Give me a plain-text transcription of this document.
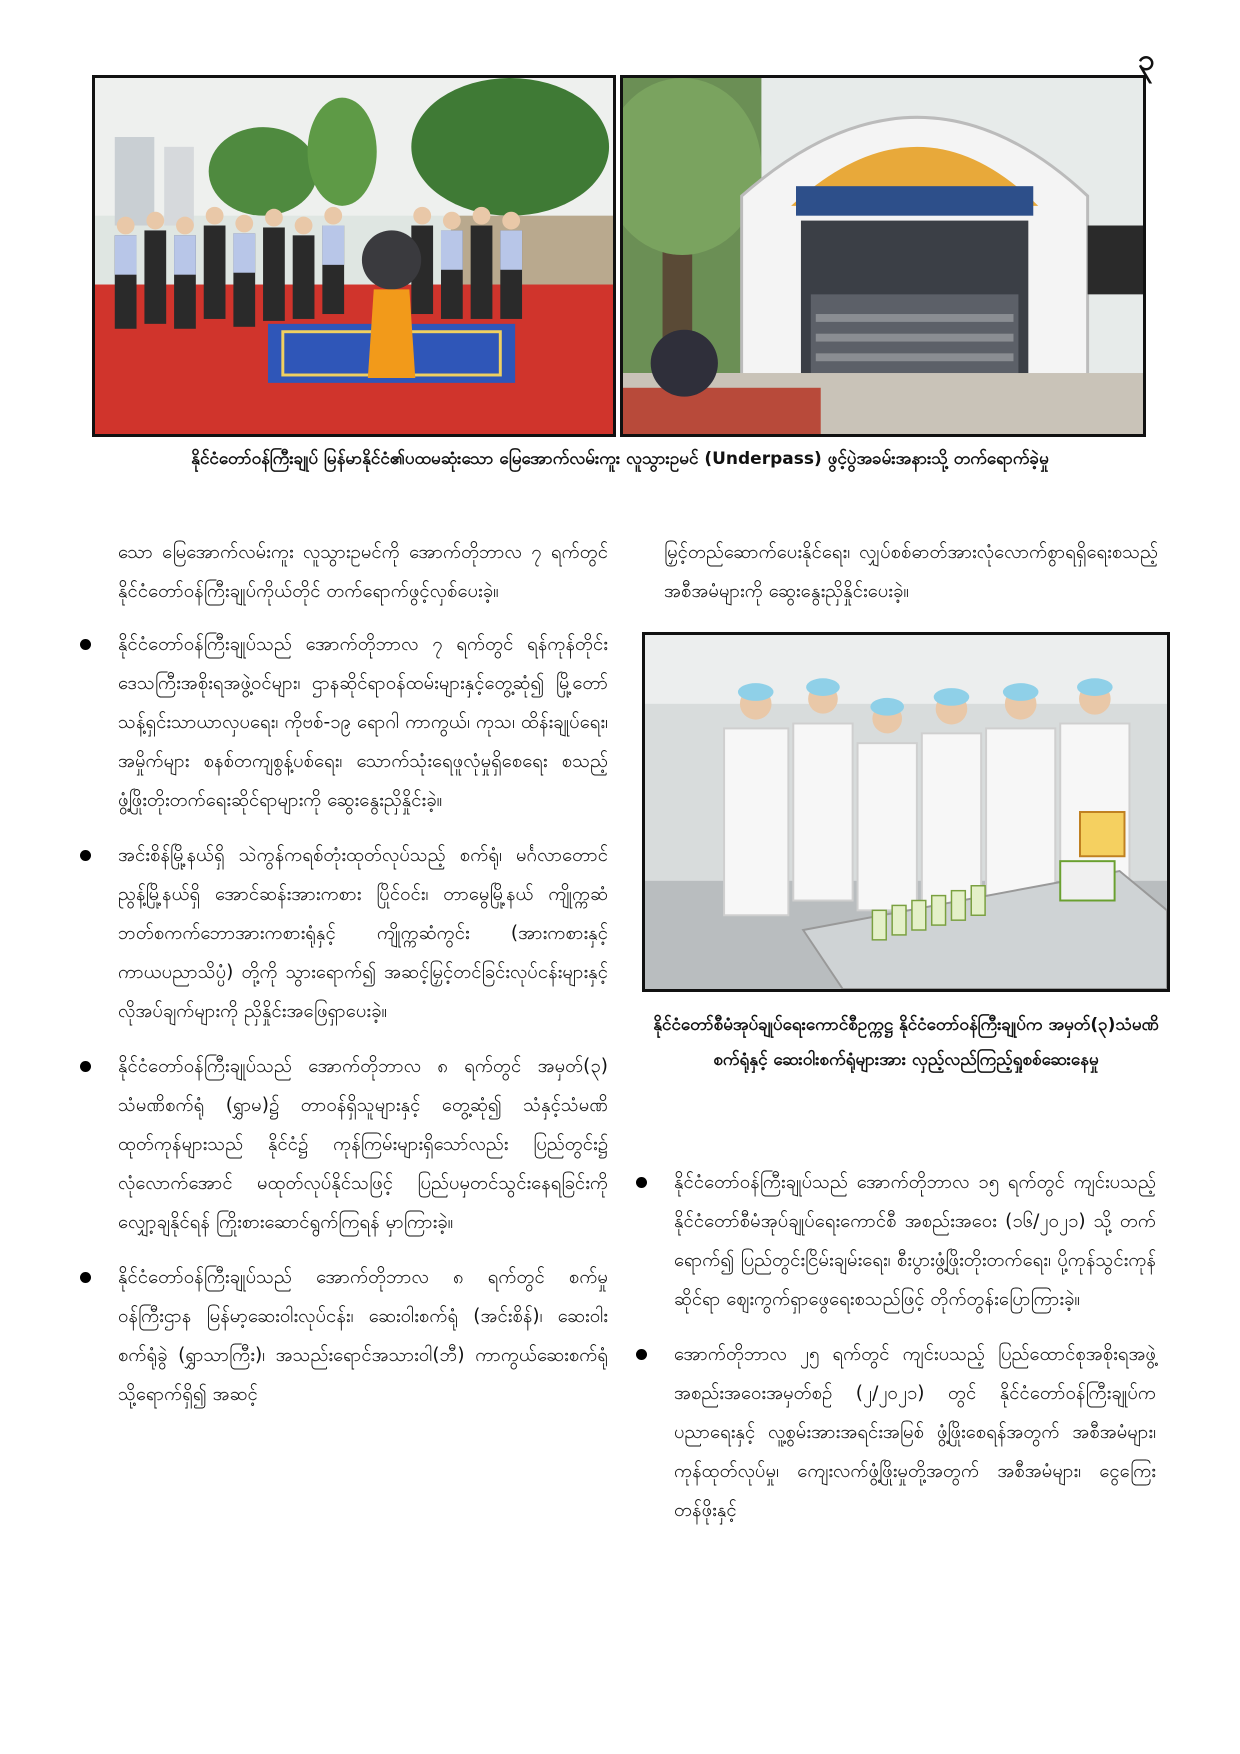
၃
နိုင်ငံတော်ဝန်ကြီးချုပ် မြန်မာနိုင်ငံ၏ပထမဆုံးသော မြေအောက်လမ်းကူး လူသွားဥမင် (Underpass) ဖွင့်ပွဲအခမ်းအနားသို့ တက်ရောက်ခဲ့မှု

သော မြေအောက်လမ်းကူး လူသွားဥမင်ကို အောက်တိုဘာလ ၇ ရက်တွင် နိုင်ငံတော်ဝန်ကြီးချုပ်ကိုယ်တိုင် တက်ရောက်ဖွင့်လှစ်ပေးခဲ့။

နိုင်ငံတော်ဝန်ကြီးချုပ်သည် အောက်တိုဘာလ ၇ ရက်တွင် ရန်ကုန်တိုင်းဒေသကြီးအစိုးရအဖွဲ့ဝင်များ၊ ဌာနဆိုင်ရာဝန်ထမ်းများနှင့်တွေ့ဆုံ၍ မြို့တော်သန့်ရှင်းသာယာလှပရေး၊ ကိုဗစ်-၁၉ ရောဂါ ကာကွယ်၊ ကုသ၊ ထိန်းချုပ်ရေး၊ အမှိုက်များ စနစ်တကျစွန့်ပစ်ရေး၊ သောက်သုံးရေဖူလုံမှုရှိစေရေး စသည့် ဖွံ့ဖြိုးတိုးတက်ရေးဆိုင်ရာများကို ဆွေးနွေးညှိနှိုင်းခဲ့။
အင်းစိန်မြို့နယ်ရှိ သဲကွန်ကရစ်တုံးထုတ်လုပ်သည့် စက်ရုံ၊ မင်္ဂလာတောင်ညွန့်မြို့နယ်ရှိ အောင်ဆန်းအားကစား ပြိုင်ဝင်း၊ တာမွေမြို့နယ် ကျိုက္ကဆံဘတ်စကက်ဘောအားကစားရုံနှင့် ကျိုက္ကဆံကွင်း (အားကစားနှင့် ကာယပညာသိပ္ပံ) တို့ကို သွားရောက်၍ အဆင့်မြှင့်တင်ခြင်းလုပ်ငန်းများနှင့် လိုအပ်ချက်များကို ညှိနှိုင်းအဖြေရှာပေးခဲ့။
နိုင်ငံတော်ဝန်ကြီးချုပ်သည် အောက်တိုဘာလ ၈ ရက်တွင် အမှတ်(၃) သံမဏိစက်ရုံ (ရွှာမ)၌ တာဝန်ရှိသူများနှင့် တွေ့ဆုံ၍ သံနှင့်သံမဏိထုတ်ကုန်များသည် နိုင်ငံ၌ ကုန်ကြမ်းများရှိသော်လည်း ပြည်တွင်း၌ လုံလောက်အောင် မထုတ်လုပ်နိုင်သဖြင့် ပြည်ပမှတင်သွင်းနေရခြင်းကို လျှော့ချနိုင်ရန် ကြိုးစားဆောင်ရွက်ကြရန် မှာကြားခဲ့။
နိုင်ငံတော်ဝန်ကြီးချုပ်သည် အောက်တိုဘာလ ၈ ရက်တွင် စက်မှုဝန်ကြီးဌာန မြန်မာ့ဆေးဝါးလုပ်ငန်း၊ ဆေးဝါးစက်ရုံ (အင်းစိန်)၊ ဆေးဝါးစက်ရုံခွဲ (ရွှာသာကြီး)၊ အသည်းရောင်အသားဝါ(ဘီ) ကာကွယ်ဆေးစက်ရုံသို့ရောက်ရှိ၍ အဆင့်

မြှင့်တည်ဆောက်ပေးနိုင်ရေး၊ လျှပ်စစ်ဓာတ်အားလုံလောက်စွာရရှိရေးစသည့်အစီအမံများကို ဆွေးနွေးညှိနှိုင်းပေးခဲ့။

နိုင်ငံတော်စီမံအုပ်ချုပ်ရေးကောင်စီဥက္ကဋ္ဌ နိုင်ငံတော်ဝန်ကြီးချုပ်က အမှတ်(၃)သံမဏိစက်ရုံနှင့် ဆေးဝါးစက်ရုံများအား လှည့်လည်ကြည့်ရှုစစ်ဆေးနေမှု
နိုင်ငံတော်ဝန်ကြီးချုပ်သည် အောက်တိုဘာလ ၁၅ ရက်တွင် ကျင်းပသည့် နိုင်ငံတော်စီမံအုပ်ချုပ်ရေးကောင်စီ အစည်းအဝေး (၁၆/၂၀၂၁) သို့ တက်ရောက်၍ ပြည်တွင်းငြိမ်းချမ်းရေး၊ စီးပွားဖွံ့ဖြိုးတိုးတက်ရေး၊ ပို့ကုန်သွင်းကုန်ဆိုင်ရာ ဈေးကွက်ရှာဖွေရေးစသည်ဖြင့် တိုက်တွန်းပြောကြားခဲ့။
အောက်တိုဘာလ ၂၅ ရက်တွင် ကျင်းပသည့် ပြည်ထောင်စုအစိုးရအဖွဲ့ အစည်းအဝေးအမှတ်စဉ် (၂/၂၀၂၁) တွင် နိုင်ငံတော်ဝန်ကြီးချုပ်က ပညာရေးနှင့် လူ့စွမ်းအားအရင်းအမြစ် ဖွံ့ဖြိုးစေရန်အတွက် အစီအမံများ၊ ကုန်ထုတ်လုပ်မှု၊ ကျေးလက်ဖွံ့ဖြိုးမှုတို့အတွက် အစီအမံများ၊ ငွေကြေးတန်ဖိုးနှင့်
